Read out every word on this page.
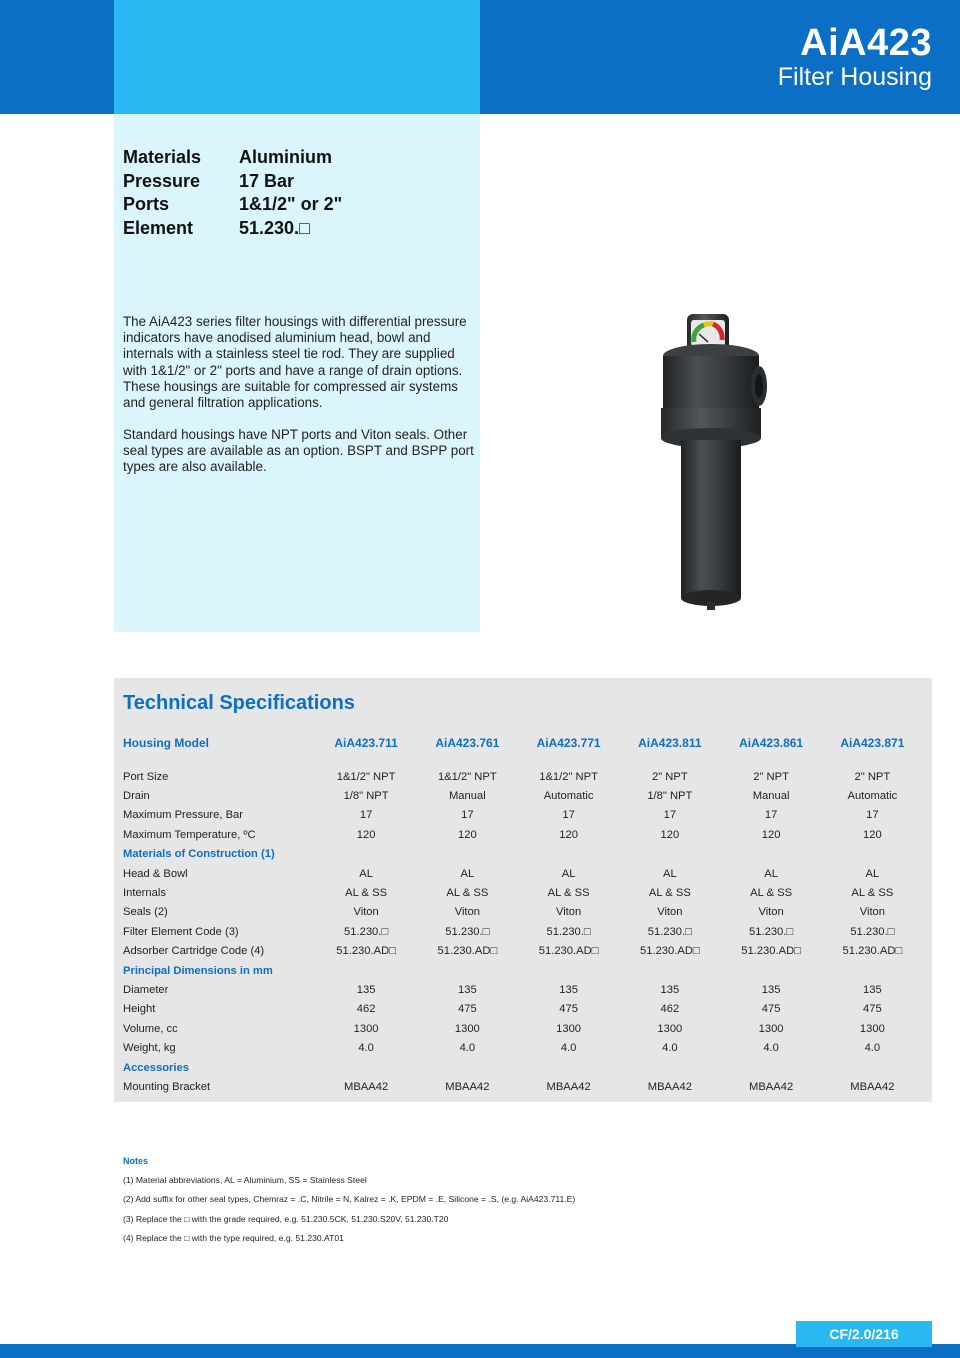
AiA423
Filter Housing
Materials	Aluminium
Pressure	17 Bar
Ports	1&1/2" or 2"
Element	51.230.□

The AiA423 series filter housings with differential pressure indicators have anodised aluminium head, bowl and internals with a stainless steel tie rod. They are supplied with 1&1/2" or 2" ports and have a range of drain options. These housings are suitable for compressed air systems and general filtration applications.

Standard housings have NPT ports and Viton seals. Other seal types are available as an option. BSPT and BSPP port types are also available.

Technical Specifications
Housing Model	AiA423.711	AiA423.761	AiA423.771	AiA423.811	AiA423.861	AiA423.871

Port Size	1&1/2" NPT	1&1/2" NPT	1&1/2" NPT	2" NPT	2" NPT	2" NPT
Drain	1/8" NPT	Manual	Automatic	1/8" NPT	Manual	Automatic
Maximum Pressure, Bar	17	17	17	17	17	17
Maximum Temperature, ºC	120	120	120	120	120	120
Materials of Construction (1)						
Head & Bowl	AL	AL	AL	AL	AL	AL
Internals	AL & SS	AL & SS	AL & SS	AL & SS	AL & SS	AL & SS
Seals (2)	Viton	Viton	Viton	Viton	Viton	Viton
Filter Element Code (3)	51.230.□	51.230.□	51.230.□	51.230.□	51.230.□	51.230.□
Adsorber Cartridge Code (4)	51.230.AD□	51.230.AD□	51.230.AD□	51.230.AD□	51.230.AD□	51.230.AD□
Principal Dimensions in mm						
Diameter	135	135	135	135	135	135
Height	462	475	475	462	475	475
Volume, cc	1300	1300	1300	1300	1300	1300
Weight, kg	4.0	4.0	4.0	4.0	4.0	4.0
Accessories						
Mounting Bracket	MBAA42	MBAA42	MBAA42	MBAA42	MBAA42	MBAA42
Notes
(1) Material abbreviations, AL = Aluminium, SS = Stainless Steel
(2) Add suffix for other seal types, Chemraz = .C, Nitrile = N, Kalrez = .K, EPDM = .E, Silicone = .S, (e.g. AiA423.711.E)
(3) Replace the □ with the grade required, e.g. 51.230.5CK, 51.230.S20V, 51.230.T20
(4) Replace the □ with the type required, e.g. 51.230.AT01
CF/2.0/216
